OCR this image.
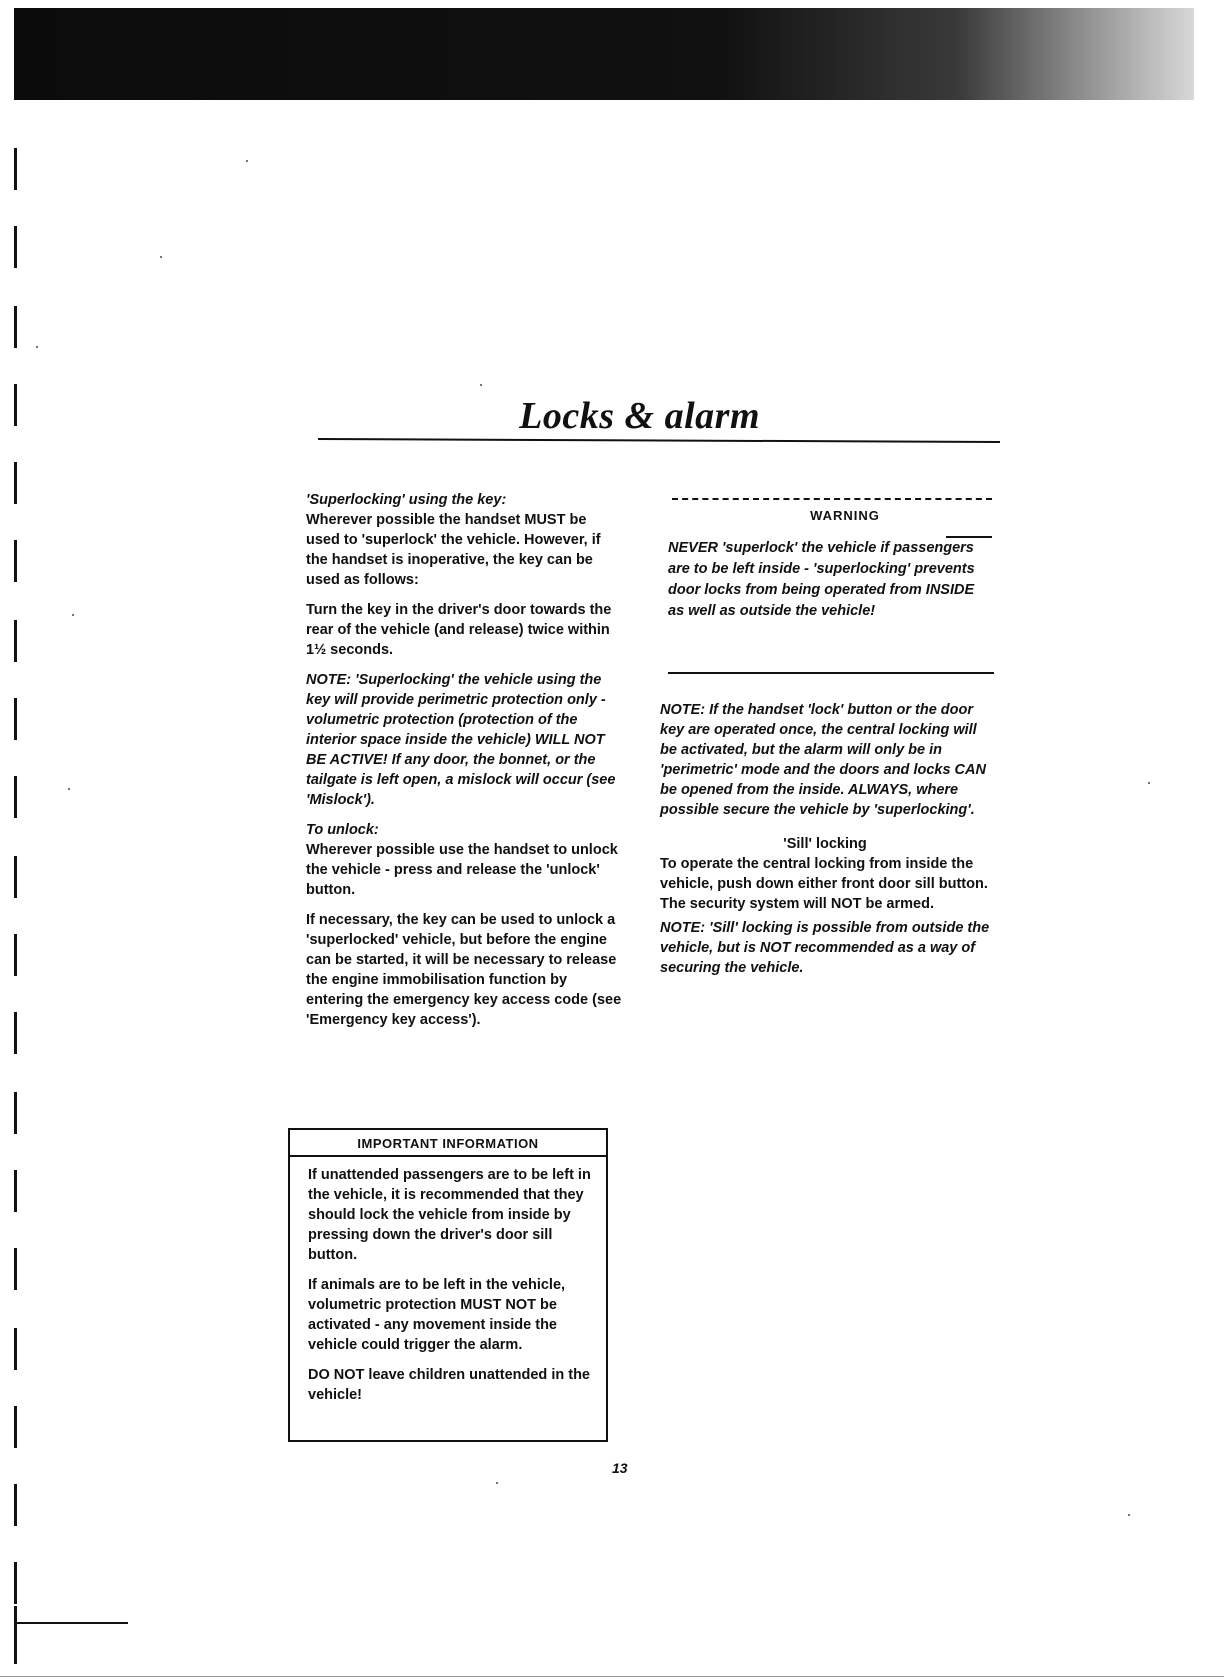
Locks & alarm

'Superlocking' using the key:

Wherever possible the handset MUST be used to 'superlock' the vehicle. However, if the handset is inoperative, the key can be used as follows:

Turn the key in the driver's door towards the rear of the vehicle (and release) twice within 1½ seconds.

NOTE: 'Superlocking' the vehicle using the key will provide perimetric protection only - volumetric protection (protection of the interior space inside the vehicle) WILL NOT BE ACTIVE! If any door, the bonnet, or the tailgate is left open, a mislock will occur (see 'Mislock').

To unlock:

Wherever possible use the handset to unlock the vehicle - press and release the 'unlock' button.

If necessary, the key can be used to unlock a 'superlocked' vehicle, but before the engine can be started, it will be necessary to release the engine immobilisation function by entering the emergency key access code (see 'Emergency key access').

IMPORTANT INFORMATION

If unattended passengers are to be left in the vehicle, it is recommended that they should lock the vehicle from inside by pressing down the driver's door sill button.

If animals are to be left in the vehicle, volumetric protection MUST NOT be activated - any movement inside the vehicle could trigger the alarm.

DO NOT leave children unattended in the vehicle!

WARNING
NEVER 'superlock' the vehicle if passengers are to be left inside - 'superlocking' prevents door locks from being operated from INSIDE as well as outside the vehicle!

NOTE: If the handset 'lock' button or the door key are operated once, the central locking will be activated, but the alarm will only be in 'perimetric' mode and the doors and locks CAN be opened from the inside. ALWAYS, where possible secure the vehicle by 'superlocking'.

'Sill' locking

To operate the central locking from inside the vehicle, push down either front door sill button.

The security system will NOT be armed.

NOTE: 'Sill' locking is possible from outside the vehicle, but is NOT recommended as a way of securing the vehicle.

13
